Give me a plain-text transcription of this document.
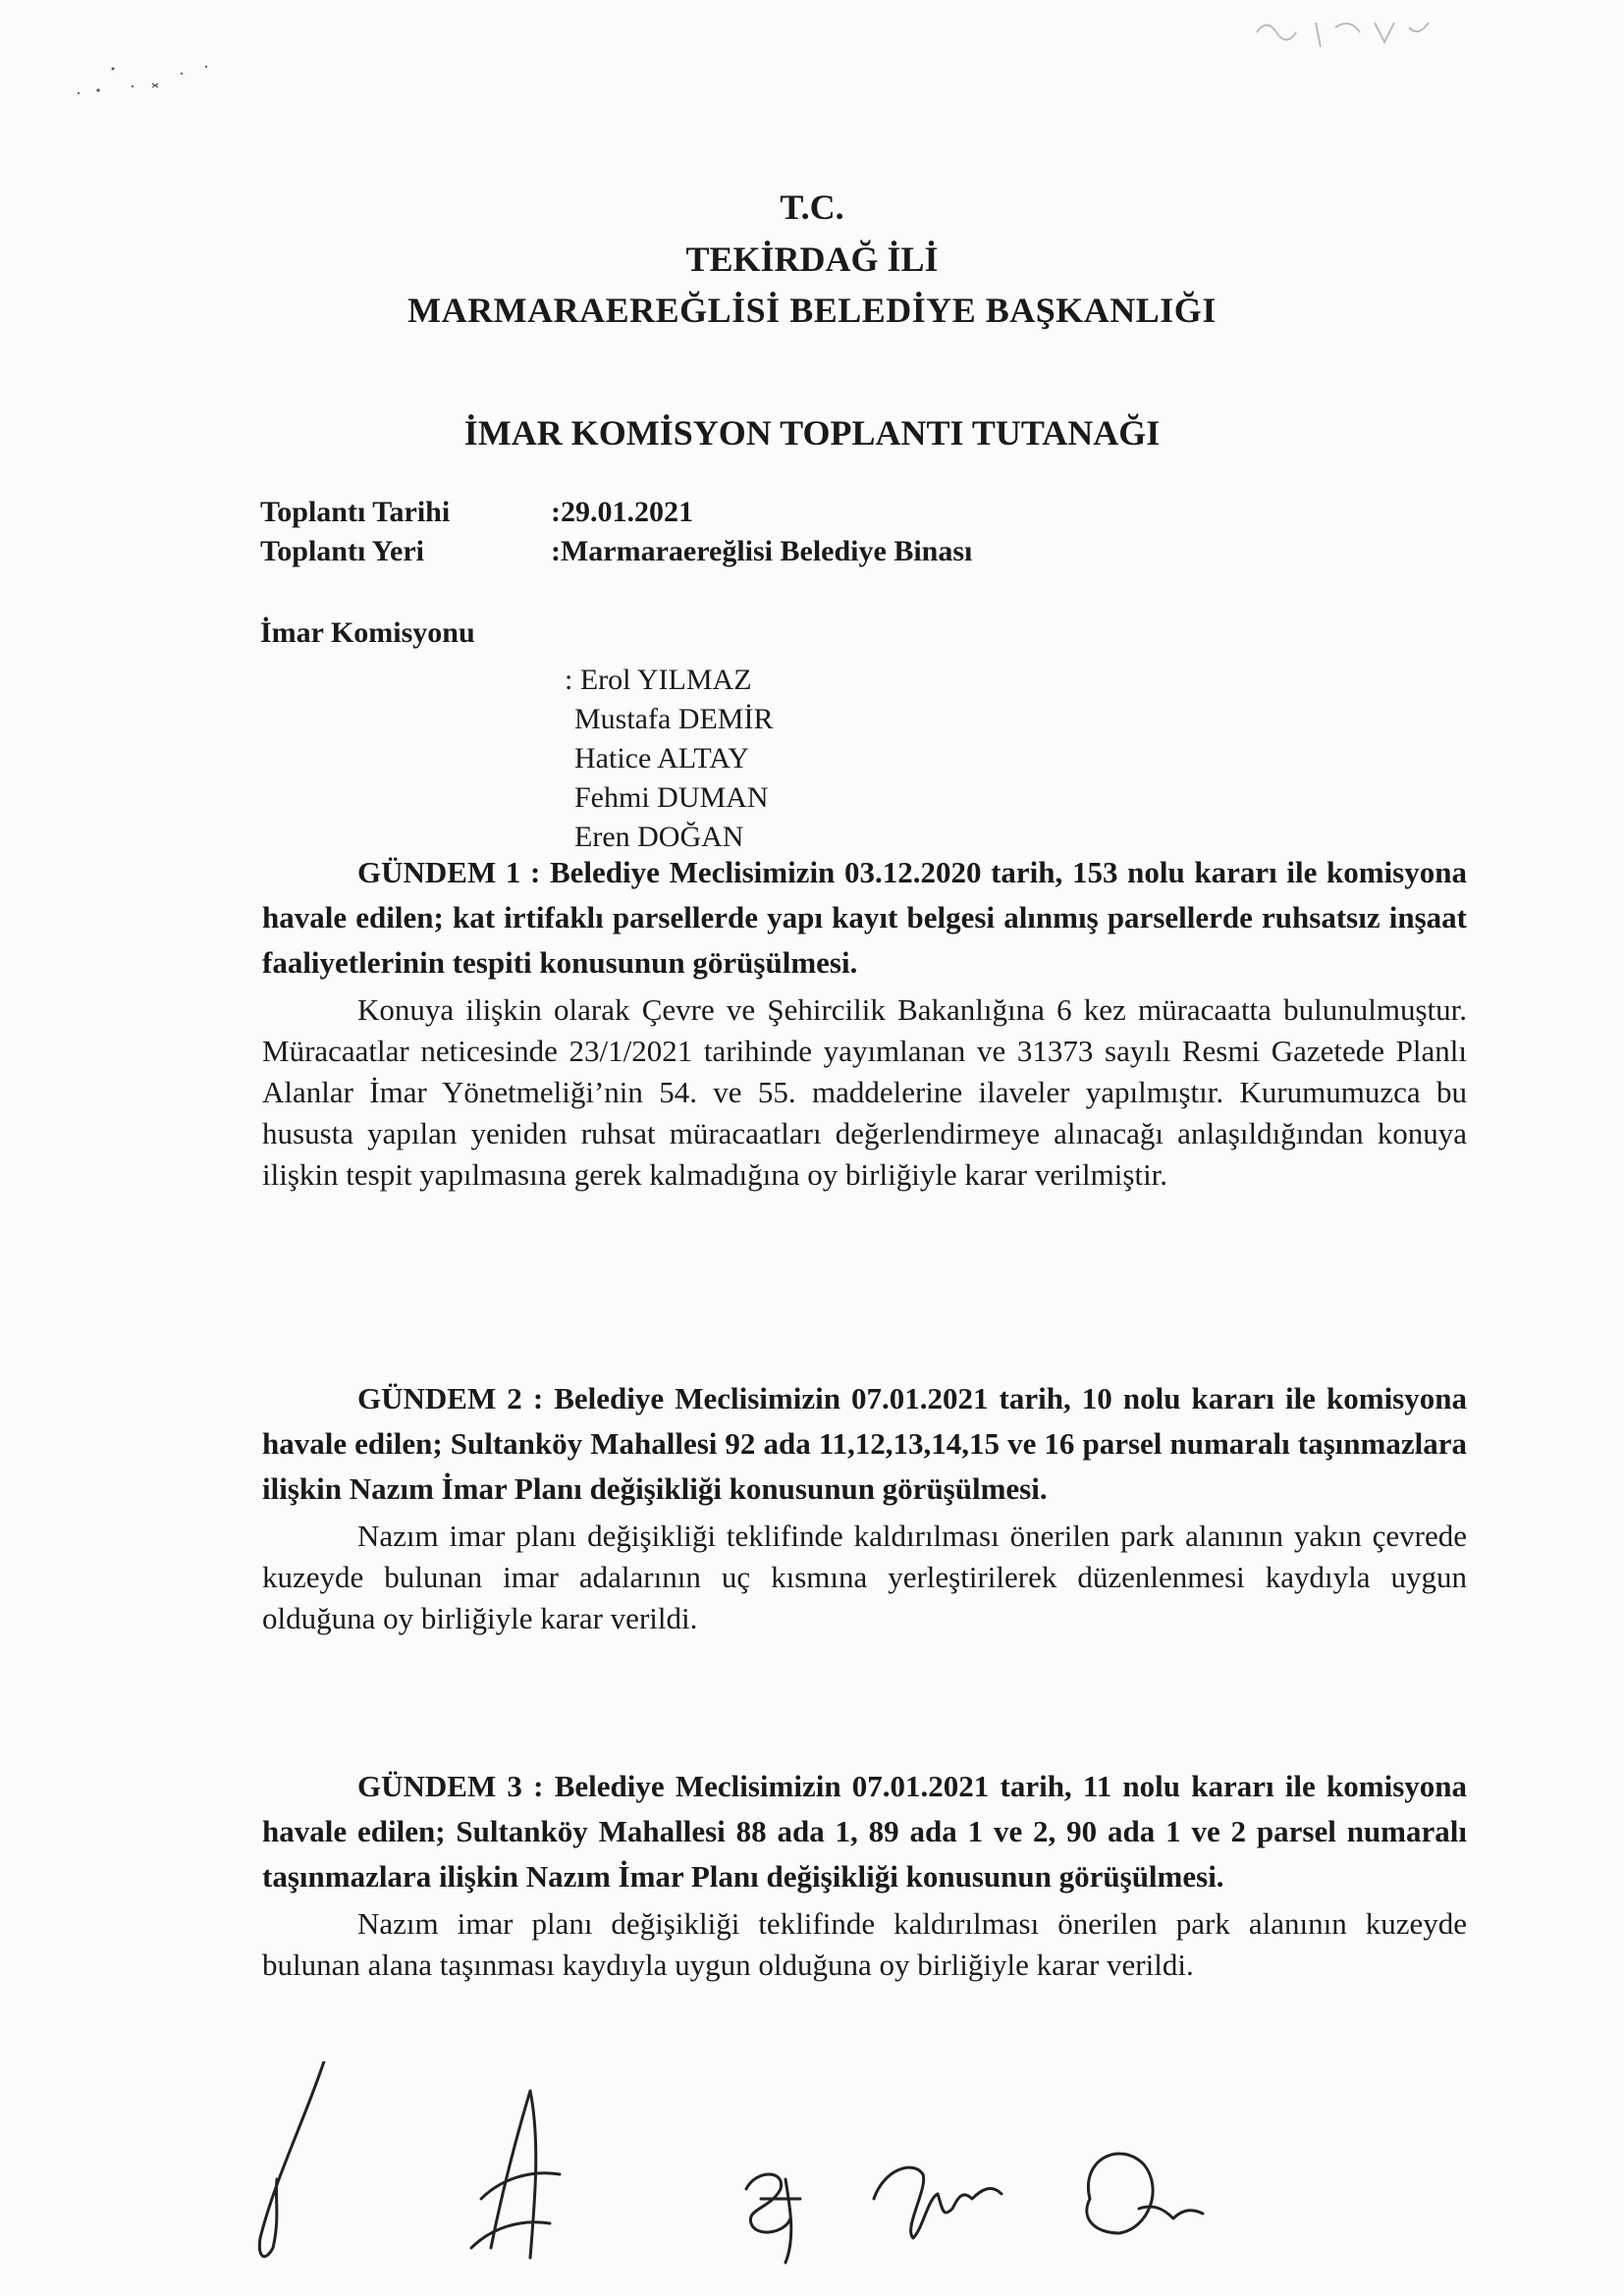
T.C.
TEKİRDAĞ İLİ
MARMARAEREĞLİSİ BELEDİYE BAŞKANLIĞI
İMAR KOMİSYON TOPLANTI TUTANAĞI
Toplantı Tarihi	:29.01.2021
Toplantı Yeri	:Marmaraereğlisi Belediye Binası
İmar Komisyonu
: Erol YILMAZ
Mustafa DEMİR
Hatice ALTAY
Fehmi DUMAN
Eren DOĞAN
GÜNDEM 1 : Belediye Meclisimizin 03.12.2020 tarih, 153 nolu kararı ile komisyona havale edilen; kat irtifaklı parsellerde yapı kayıt belgesi alınmış parsellerde ruhsatsız inşaat faaliyetlerinin tespiti konusunun görüşülmesi.
Konuya ilişkin olarak Çevre ve Şehircilik Bakanlığına 6 kez müracaatta bulunulmuştur. Müracaatlar neticesinde 23/1/2021 tarihinde yayımlanan ve 31373 sayılı Resmi Gazetede Planlı Alanlar İmar Yönetmeliği’nin 54. ve 55. maddelerine ilaveler yapılmıştır. Kurumumuzca bu hususta yapılan yeniden ruhsat müracaatları değerlendirmeye alınacağı anlaşıldığından konuya ilişkin tespit yapılmasına gerek kalmadığına oy birliğiyle karar verilmiştir.
GÜNDEM 2 : Belediye Meclisimizin 07.01.2021 tarih, 10 nolu kararı ile komisyona havale edilen; Sultanköy Mahallesi 92 ada 11,12,13,14,15 ve 16 parsel numaralı taşınmazlara ilişkin Nazım İmar Planı değişikliği konusunun görüşülmesi.
Nazım imar planı değişikliği teklifinde kaldırılması önerilen park alanının yakın çevrede kuzeyde bulunan imar adalarının uç kısmına yerleştirilerek düzenlenmesi kaydıyla uygun olduğuna oy birliğiyle karar verildi.
GÜNDEM 3 : Belediye Meclisimizin 07.01.2021 tarih, 11 nolu kararı ile komisyona havale edilen; Sultanköy Mahallesi 88 ada 1, 89 ada 1 ve 2, 90 ada 1 ve 2 parsel numaralı taşınmazlara ilişkin Nazım İmar Planı değişikliği konusunun görüşülmesi.
Nazım imar planı değişikliği teklifinde kaldırılması önerilen park alanının kuzeyde bulunan alana taşınması kaydıyla uygun olduğuna oy birliğiyle karar verildi.
